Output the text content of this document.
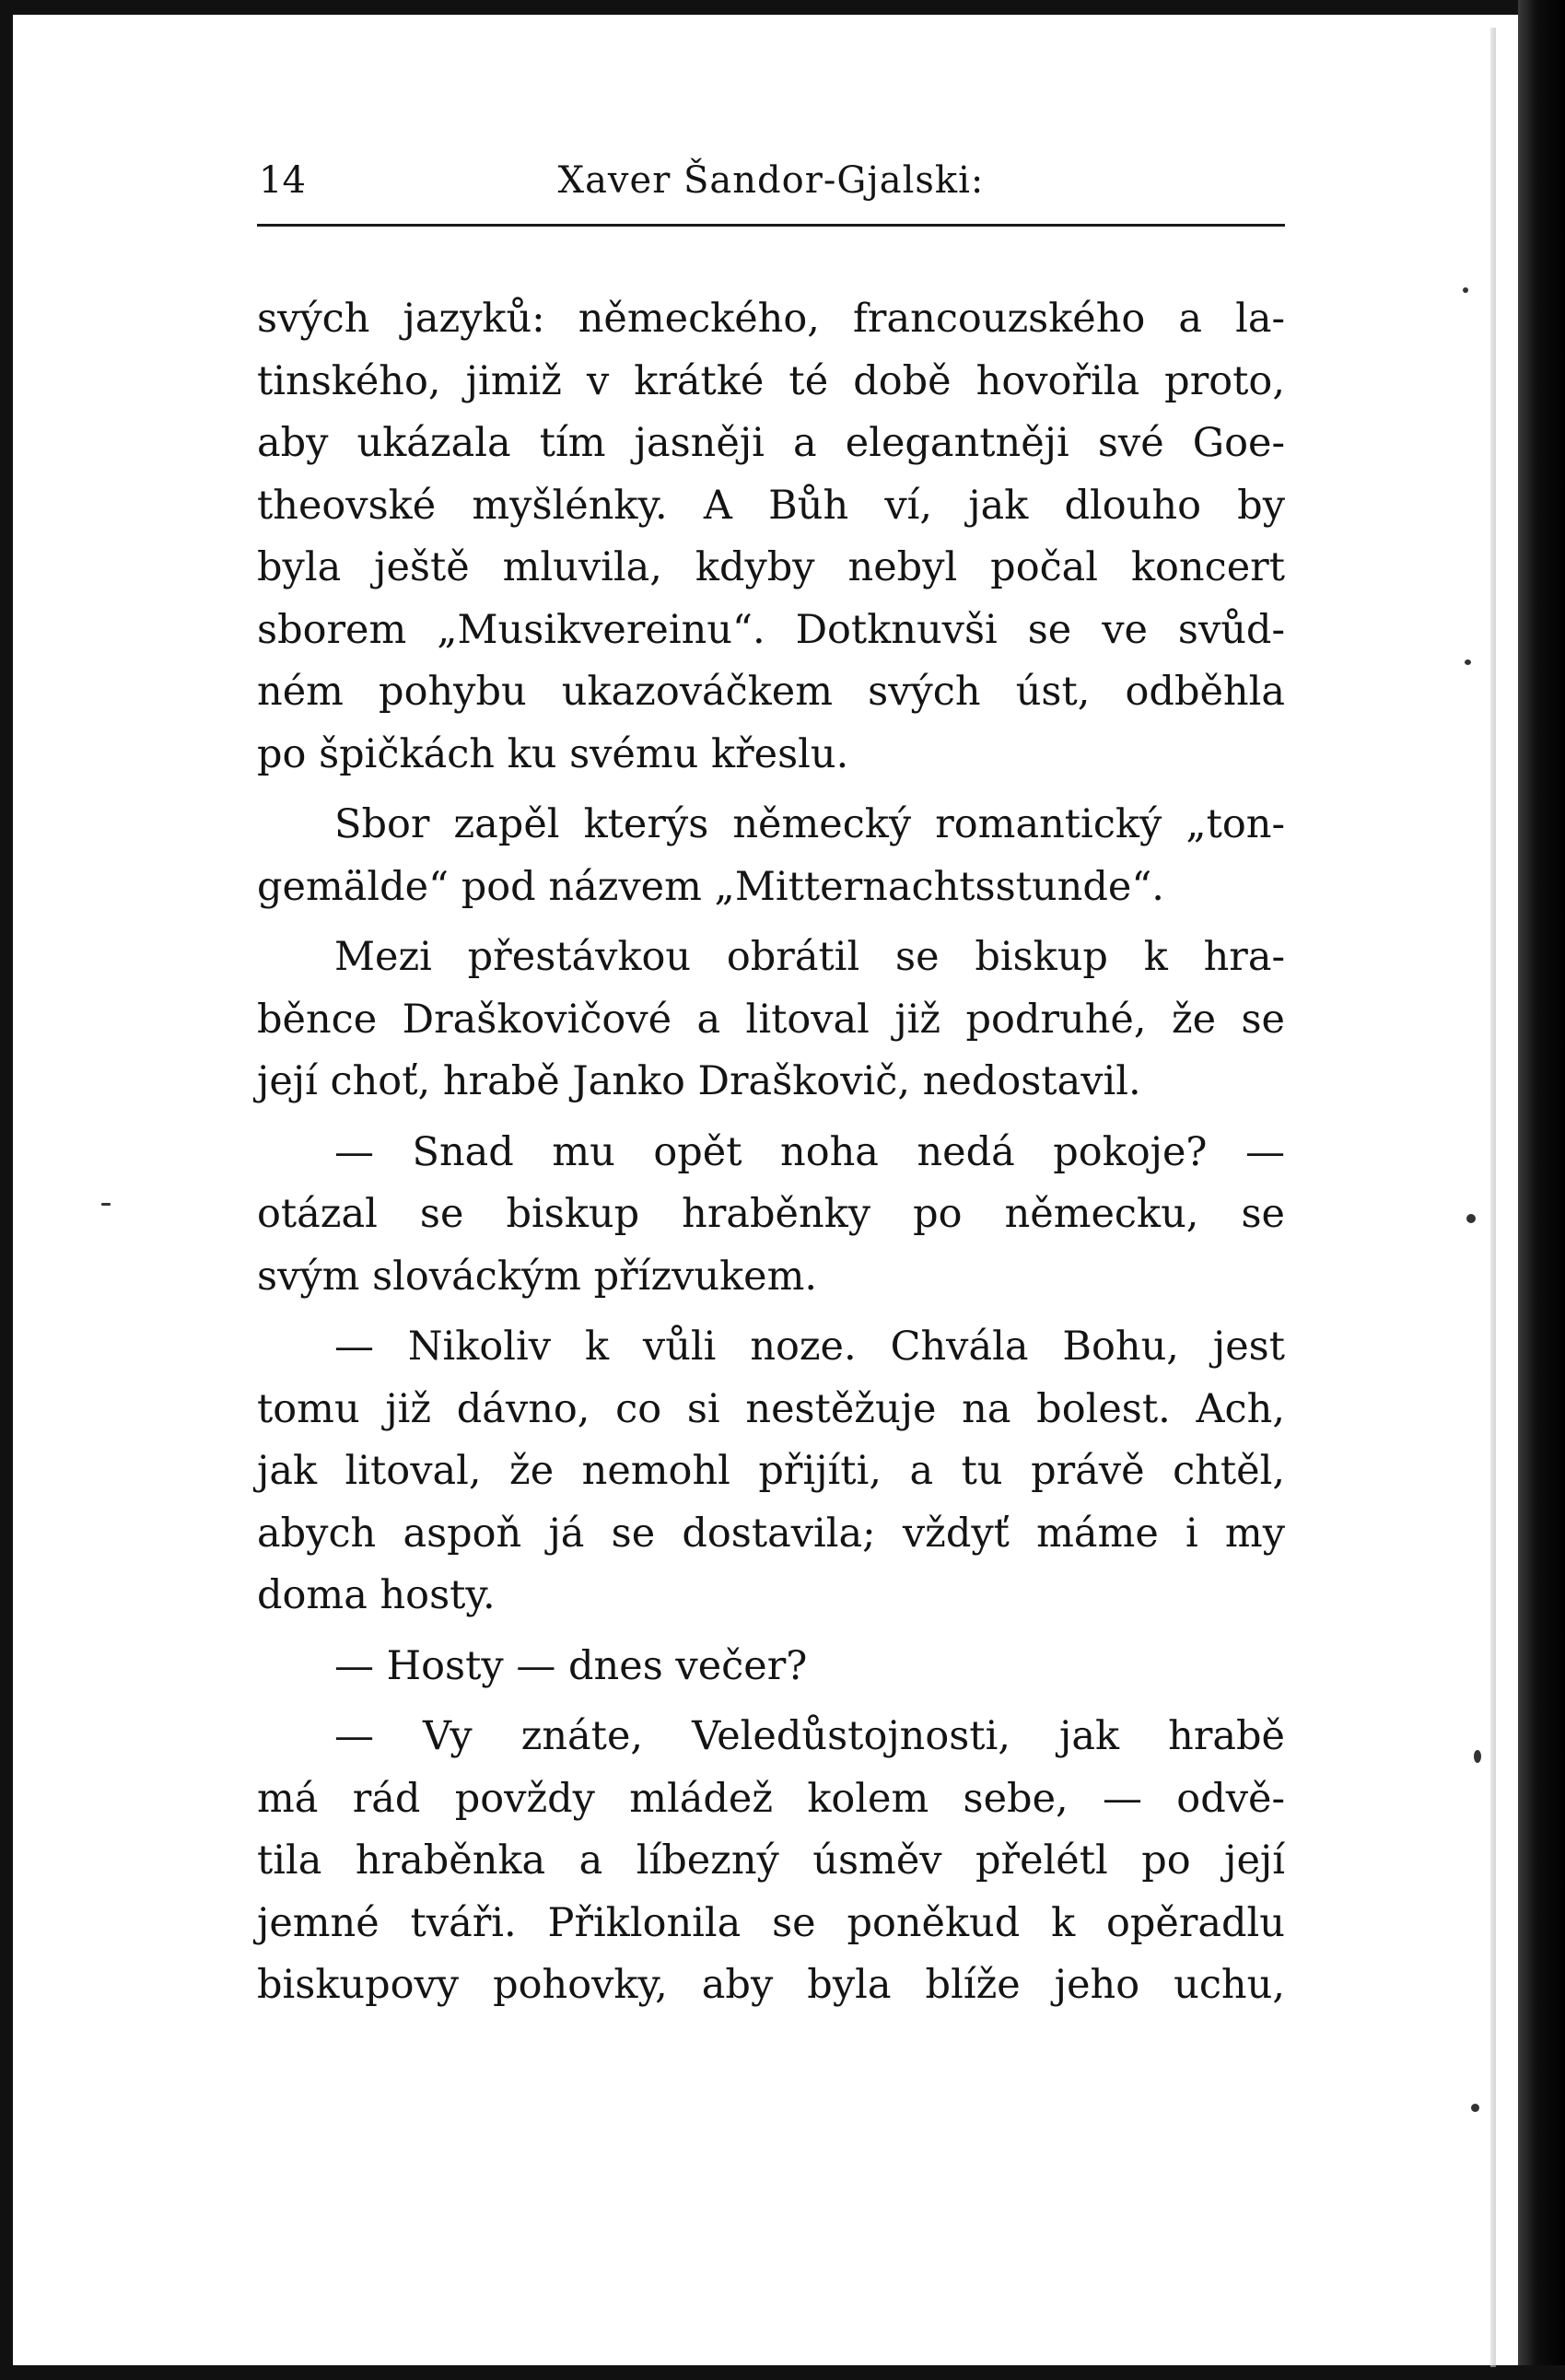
14	Xaver Šandor-Gjalski:
svých jazyků: německého, francouzského a la-
tinského, jimiž v krátké té době hovořila proto,
aby ukázala tím jasněji a elegantněji své Goe-
theovské myšlénky. A Bůh ví, jak dlouho by
byla ještě mluvila, kdyby nebyl počal koncert
sborem „Musikvereinu“. Dotknuvši se ve svůd-
ném pohybu ukazováčkem svých úst, odběhla
po špičkách ku svému křeslu.
Sbor zapěl kterýs německý romantický „ton-
gemälde“ pod názvem „Mitternachtsstunde“.
Mezi přestávkou obrátil se biskup k hra-
běnce Draškovičové a litoval již podruhé, že se
její choť, hrabě Janko Draškovič, nedostavil.
— Snad mu opět noha nedá pokoje? —
otázal se biskup hraběnky po německu, se
svým slováckým přízvukem.
— Nikoliv k vůli noze. Chvála Bohu, jest
tomu již dávno, co si nestěžuje na bolest. Ach,
jak litoval, že nemohl přijíti, a tu právě chtěl,
abych aspoň já se dostavila; vždyť máme i my
doma hosty.
— Hosty — dnes večer?
— Vy znáte, Veledůstojnosti, jak hrabě
má rád povždy mládež kolem sebe, — odvě-
tila hraběnka a líbezný úsměv přelétl po její
jemné tváři. Přiklonila se poněkud k opěradlu
biskupovy pohovky, aby byla blíže jeho uchu,
